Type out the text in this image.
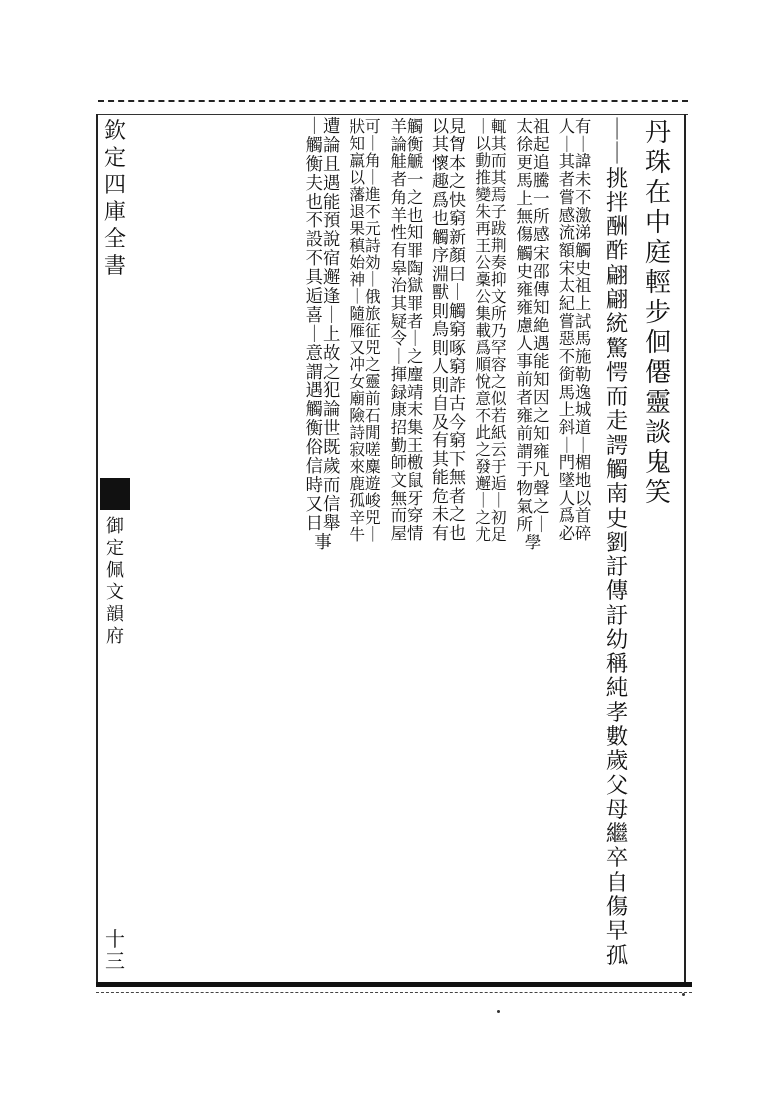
欽定四庫全書
御定佩文韻府
十三
丹珠在中庭輕步佪僊靈談鬼笑
｜｜挑拌酬酢翩翩統驚愕而走諤觸南史劉訏傳訏幼稱純孝數歲父母繼卒自傷早孤
人有｜｜其諱者未嘗不感激流涕額觸宋史太祖紀上嘗試惡馬不施銜勒馬逸上城斜道｜｜門楣墜地人以爲首必碎
太祖徐起更追馬騰上一無所傷感觸宋史邵雍傳雍知慮絶人遇事能前知者因雍之前知謂雍于凡物聲氣之所｜學
｜輒以其動而推其變焉朱子再跋王荆公奏稾抑公文集所載乃爲罕順容悅之意似不若此紙之云發于邂逅｜｜之初尤足
以見其胷懷本趣之爲快也窮觸新序顏淵曰獸｜則觸鳥窮則啄人窮則詐自古及今有窮其下能無危者未之有也
羊觸論衡觟䚦者一角之羊也性知有罪皋陶治獄其罪疑者令｜｜之揮麈録靖康末招集勤王師檄文鼠無牙而穿屋情
狀可知｜羸角以｜藩進退不果元稹詩始効神｜｜俄隨旅雁征又兕冲之女靈廟前險石詩閒寂嗟來麋鹿遊孤峻辛兕牛｜
｜遭觸論衡且夫遇也能不預設說不宿具邂逅逢喜｜｜上意故謂之遇犯觸論衡世俗既信歲時而又信日舉事
